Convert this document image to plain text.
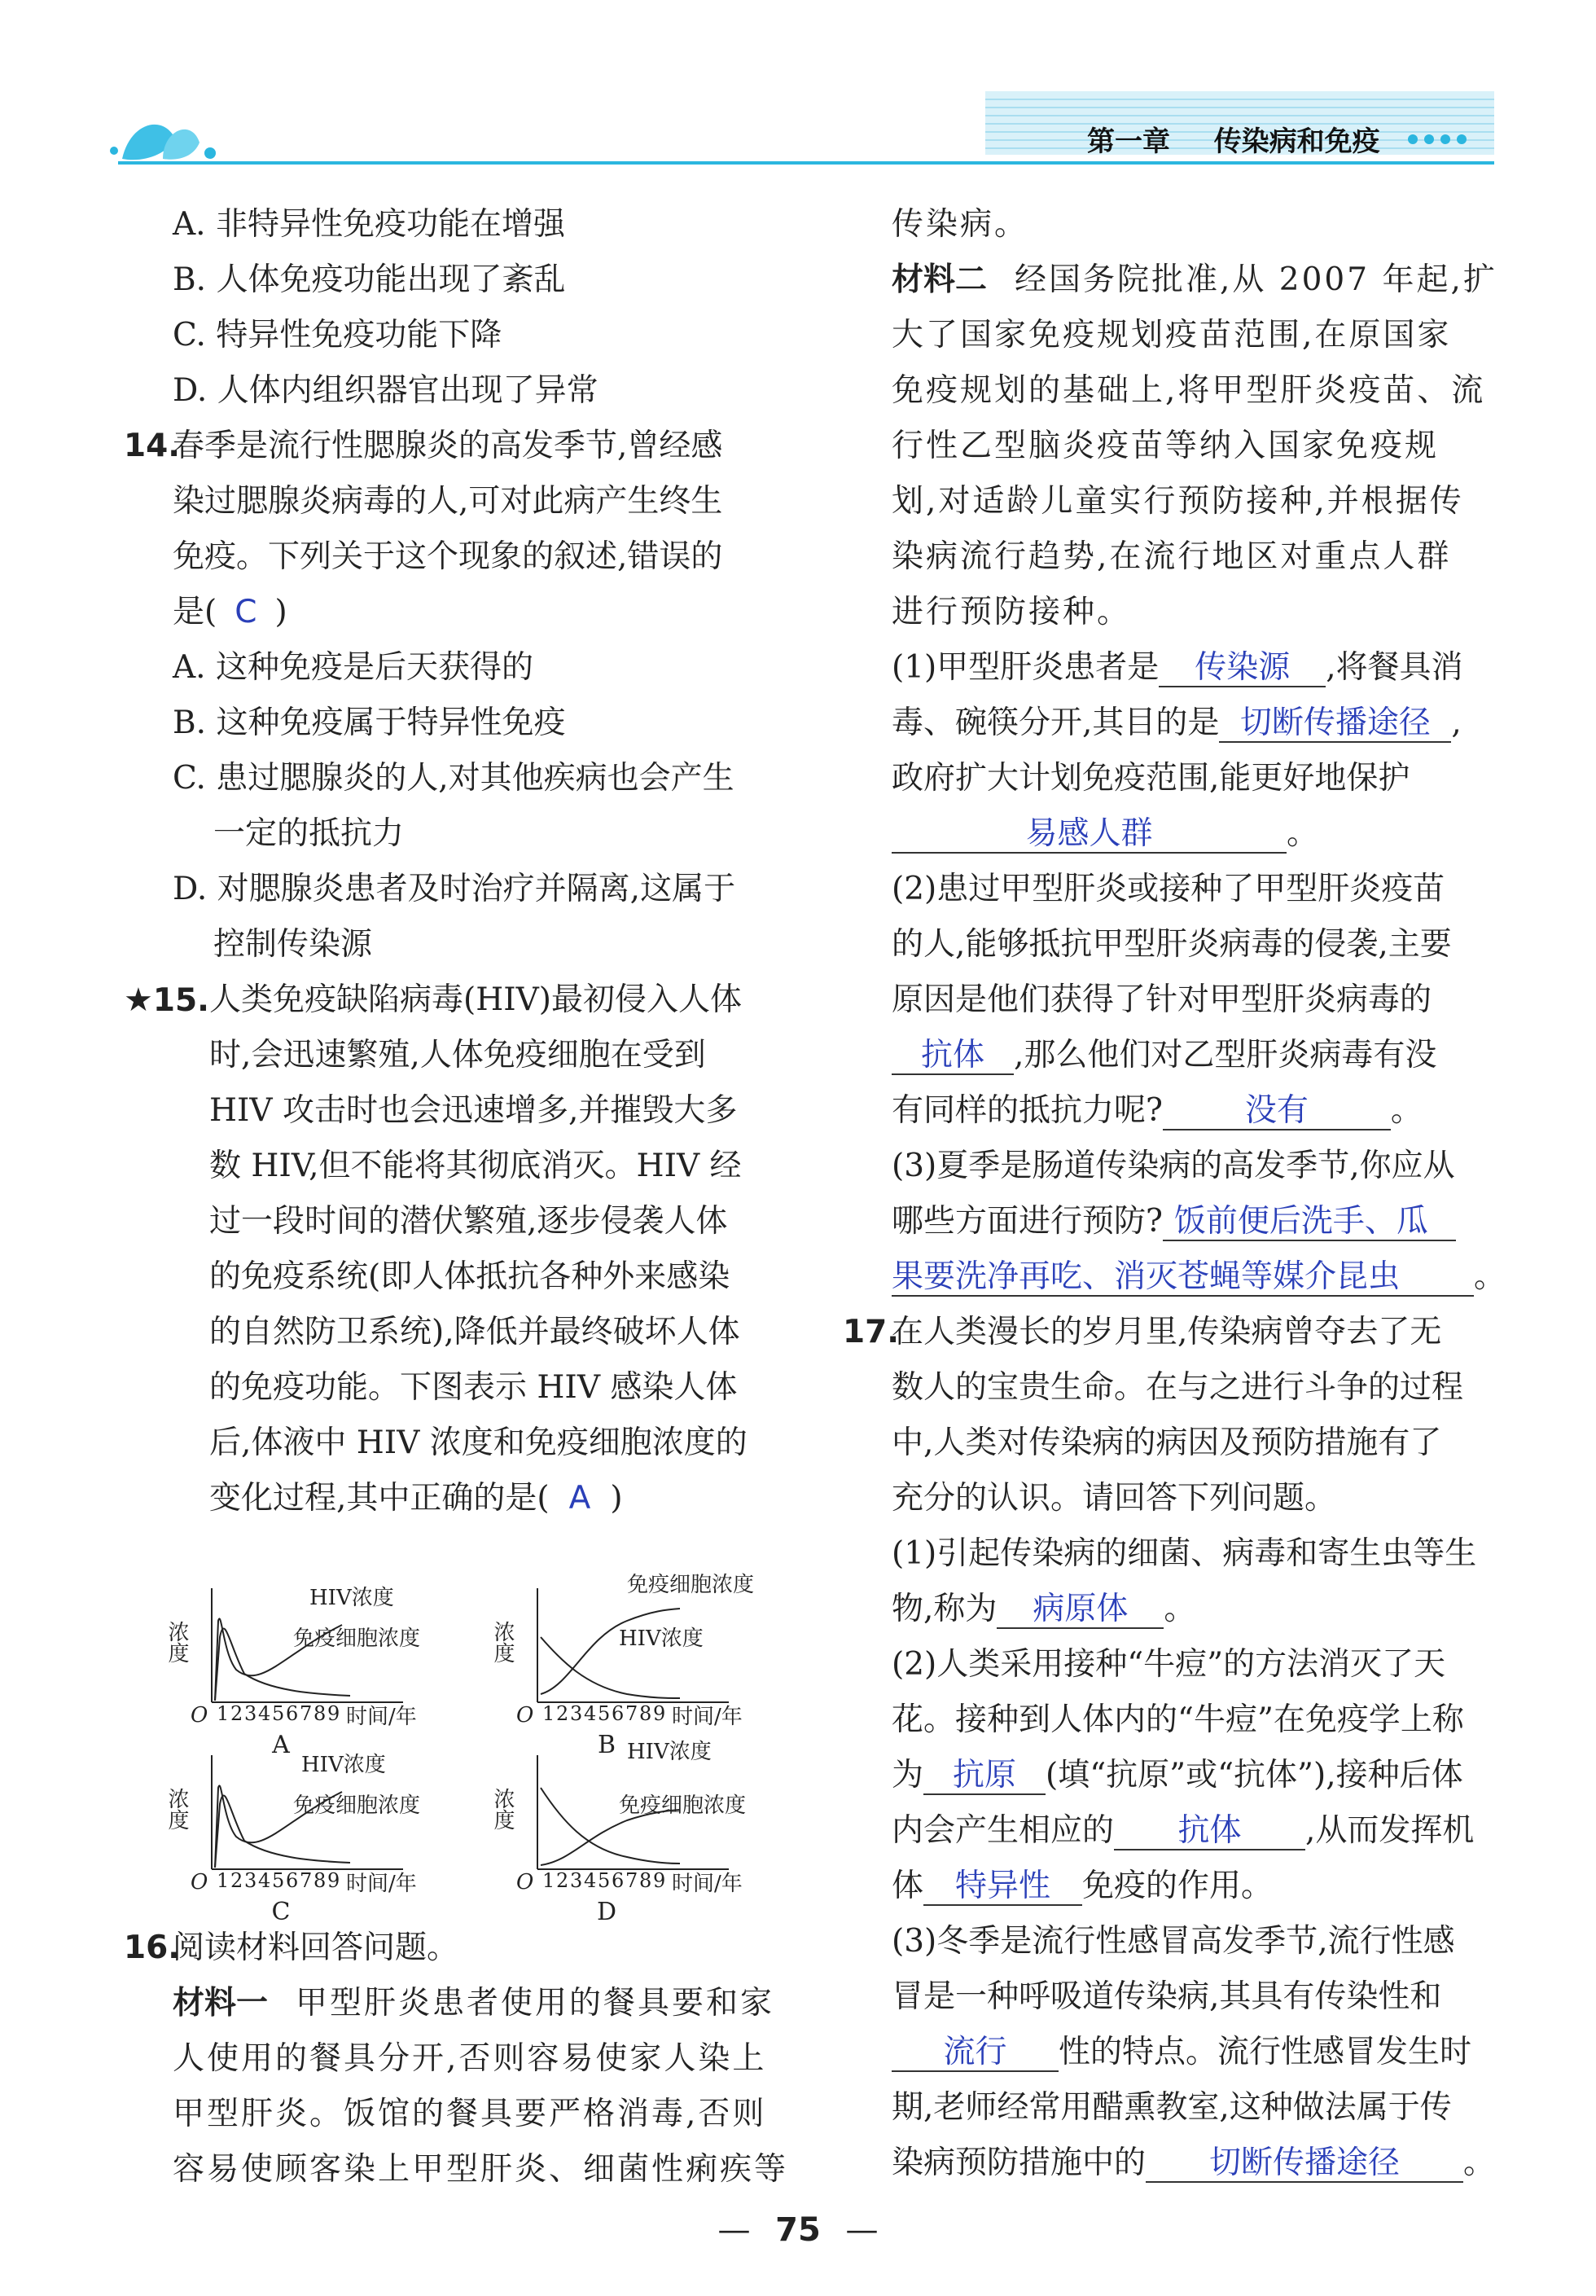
第一章 传染病和免疫
A. 非特异性免疫功能在增强
B. 人体免疫功能出现了紊乱
C. 特异性免疫功能下降
D. 人体内组织器官出现了异常
14.
春季是流行性腮腺炎的高发季节,曾经感
染过腮腺炎病毒的人,可对此病产生终生
免疫。下列关于这个现象的叙述,错误的
是( C )
A. 这种免疫是后天获得的
B. 这种免疫属于特异性免疫
C. 患过腮腺炎的人,对其他疾病也会产生
一定的抵抗力
D. 对腮腺炎患者及时治疗并隔离,这属于
控制传染源
★15. 人类免疫缺陷病毒(HIV)最初侵入人体
时,会迅速繁殖,人体免疫细胞在受到
HIV 攻击时也会迅速增多,并摧毁大多
数 HIV,但不能将其彻底消灭。HIV 经
过一段时间的潜伏繁殖,逐步侵袭人体
的免疫系统(即人体抵抗各种外来感染
的自然防卫系统),降低并最终破坏人体
的免疫功能。下图表示 HIV 感染人体
后,体液中 HIV 浓度和免疫细胞浓度的
变化过程,其中正确的是( A )
浓度
O 1 2 3 4 5 6 7 8 9 时间/年
HIV浓度
免疫细胞浓度
A
浓度
O 1 2 3 4 5 6 7 8 9 时间/年
免疫细胞浓度
HIV浓度
B
浓度
O 1 2 3 4 5 6 7 8 9 时间/年
HIV浓度
免疫细胞浓度
C
浓度
O 1 2 3 4 5 6 7 8 9 时间/年
HIV浓度
免疫细胞浓度
D
16.
阅读材料回答问题。
材料一 甲型肝炎患者使用的餐具要和家
人使用的餐具分开,否则容易使家人染上
甲型肝炎。饭馆的餐具要严格消毒,否则
容易使顾客染上甲型肝炎、细菌性痢疾等
传染病。
材料二 经国务院批准,从 2007 年起,扩
大了国家免疫规划疫苗范围,在原国家
免疫规划的基础上,将甲型肝炎疫苗、流
行性乙型脑炎疫苗等纳入国家免疫规
划,对适龄儿童实行预防接种,并根据传
染病流行趋势,在流行地区对重点人群
进行预防接种。
(1)甲型肝炎患者是 传染源 ,将餐具消
毒、碗筷分开,其目的是 切断传播途径 ,
政府扩大计划免疫范围,能更好地保护
易感人群	。
(2)患过甲型肝炎或接种了甲型肝炎疫苗
的人,能够抵抗甲型肝炎病毒的侵袭,主要
原因是他们获得了针对甲型肝炎病毒的
抗体 ,那么他们对乙型肝炎病毒有没
有同样的抵抗力呢?	没有	。
(3)夏季是肠道传染病的高发季节,你应从
哪些方面进行预防? 饭前便后洗手、瓜
果要洗净再吃、消灭苍蝇等媒介昆虫 。
17.
在人类漫长的岁月里,传染病曾夺去了无
数人的宝贵生命。在与之进行斗争的过程
中,人类对传染病的病因及预防措施有了
充分的认识。请回答下列问题。
(1)引起传染病的细菌、病毒和寄生虫等生
物,称为 病原体 。
(2)人类采用接种“牛痘”的方法消灭了天
花。接种到人体内的“牛痘”在免疫学上称
为 抗原 (填“抗原”或“抗体”),接种后体
内会产生相应的 抗体 ,从而发挥机
体 特异性 免疫的作用。
(3)冬季是流行性感冒高发季节,流行性感
冒是一种呼吸道传染病,其具有传染性和
流行 性的特点。流行性感冒发生时
期,老师经常用醋熏教室,这种做法属于传
染病预防措施中的 切断传播途径 。
— 75 —
